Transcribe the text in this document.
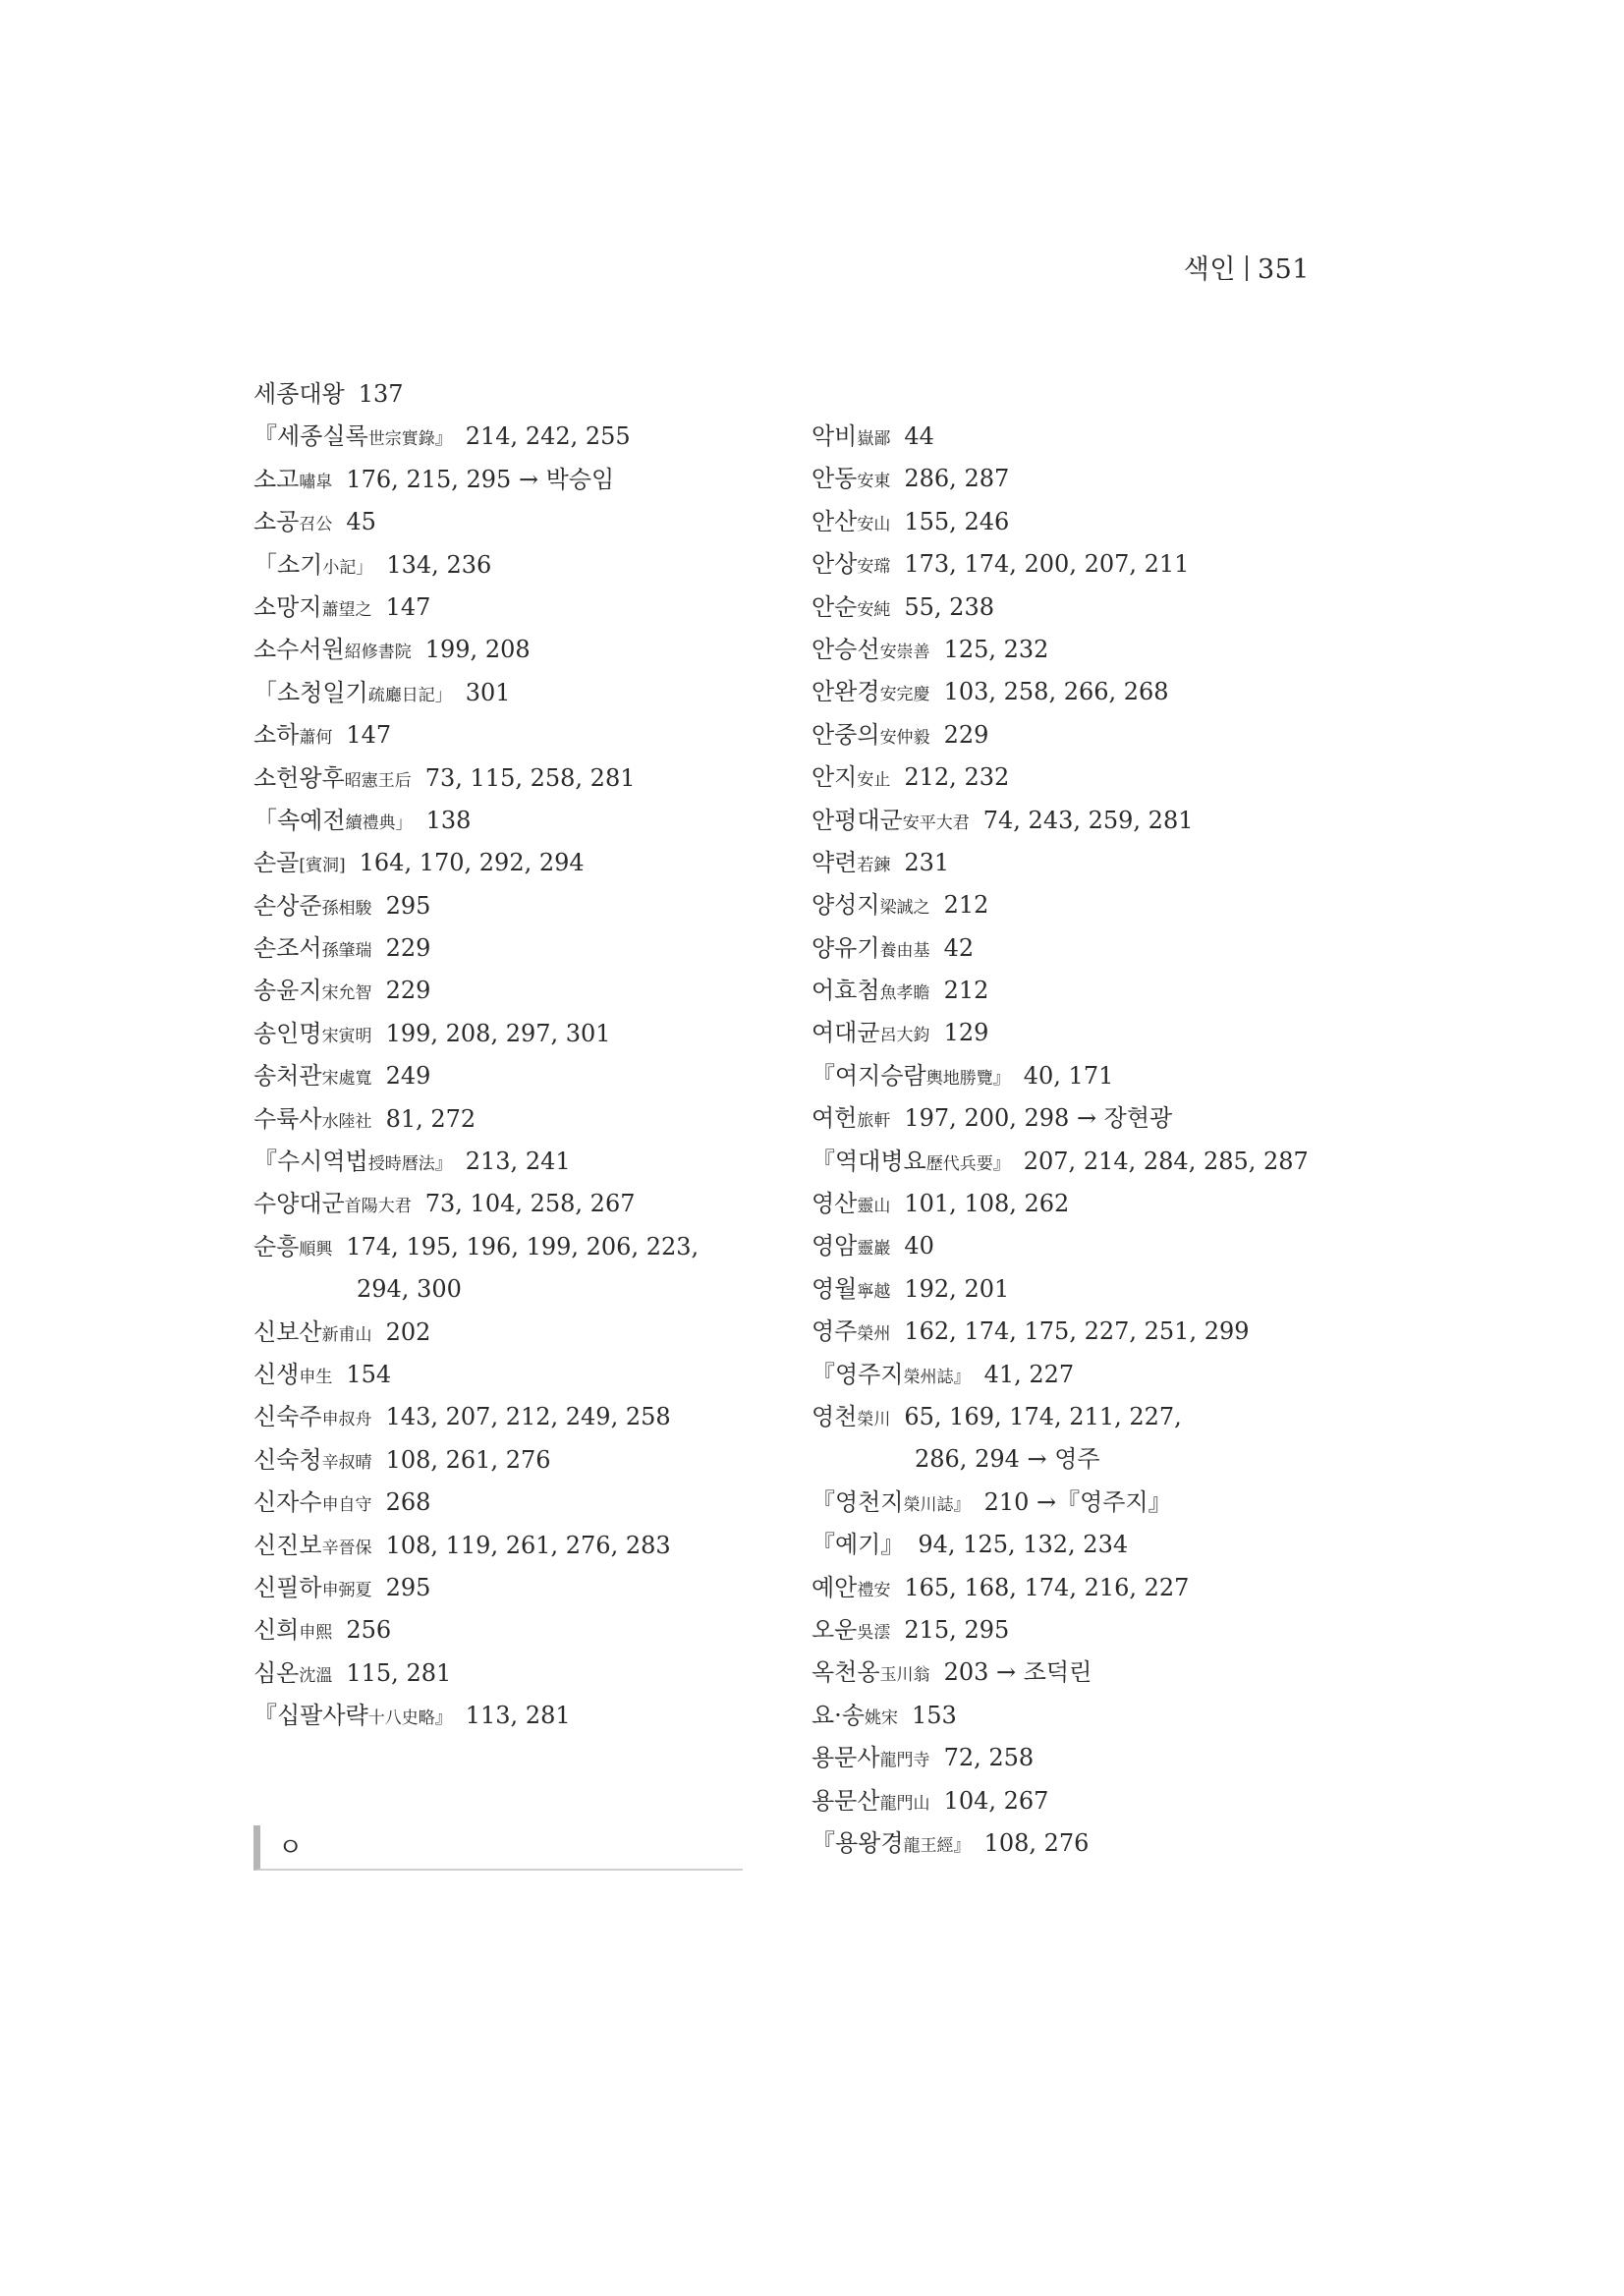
색인 351
세종대왕 137
『세종실록世宗實錄』 214, 242, 255
소고嘯皐 176, 215, 295 → 박승임
소공召公 45
「소기小記」 134, 236
소망지蕭望之 147
소수서원紹修書院 199, 208
「소청일기疏廳日記」 301
소하蕭何 147
소헌왕후昭憲王后 73, 115, 258, 281
「속예전續禮典」 138
손골[賓洞] 164, 170, 292, 294
손상준孫相駿 295
손조서孫肇瑞 229
송윤지宋允智 229
송인명宋寅明 199, 208, 297, 301
송처관宋處寬 249
수륙사水陸社 81, 272
『수시역법授時曆法』 213, 241
수양대군首陽大君 73, 104, 258, 267
순흥順興 174, 195, 196, 199, 206, 223,
294, 300
신보산新甫山 202
신생申生 154
신숙주申叔舟 143, 207, 212, 249, 258
신숙청辛叔晴 108, 261, 276
신자수申自守 268
신진보辛晉保 108, 119, 261, 276, 283
신필하申弼夏 295
신희申熙 256
심온沈溫 115, 281
『십팔사략十八史略』 113, 281
ㅇ
악비嶽鄙 44
안동安東 286, 287
안산安山 155, 246
안상安瑺 173, 174, 200, 207, 211
안순安純 55, 238
안승선安崇善 125, 232
안완경安完慶 103, 258, 266, 268
안중의安仲毅 229
안지安止 212, 232
안평대군安平大君 74, 243, 259, 281
약련若鍊 231
양성지梁誠之 212
양유기養由基 42
어효첨魚孝瞻 212
여대균呂大鈞 129
『여지승람輿地勝覽』 40, 171
여헌旅軒 197, 200, 298 → 장현광
『역대병요歷代兵要』 207, 214, 284, 285, 287
영산靈山 101, 108, 262
영암靈巖 40
영월寧越 192, 201
영주榮州 162, 174, 175, 227, 251, 299
『영주지榮州誌』 41, 227
영천榮川 65, 169, 174, 211, 227,
286, 294 → 영주
『영천지榮川誌』 210 →『영주지』
『예기』 94, 125, 132, 234
예안禮安 165, 168, 174, 216, 227
오운吳澐 215, 295
옥천옹玉川翁 203 → 조덕린
요·송姚宋 153
용문사龍門寺 72, 258
용문산龍門山 104, 267
『용왕경龍王經』 108, 276
